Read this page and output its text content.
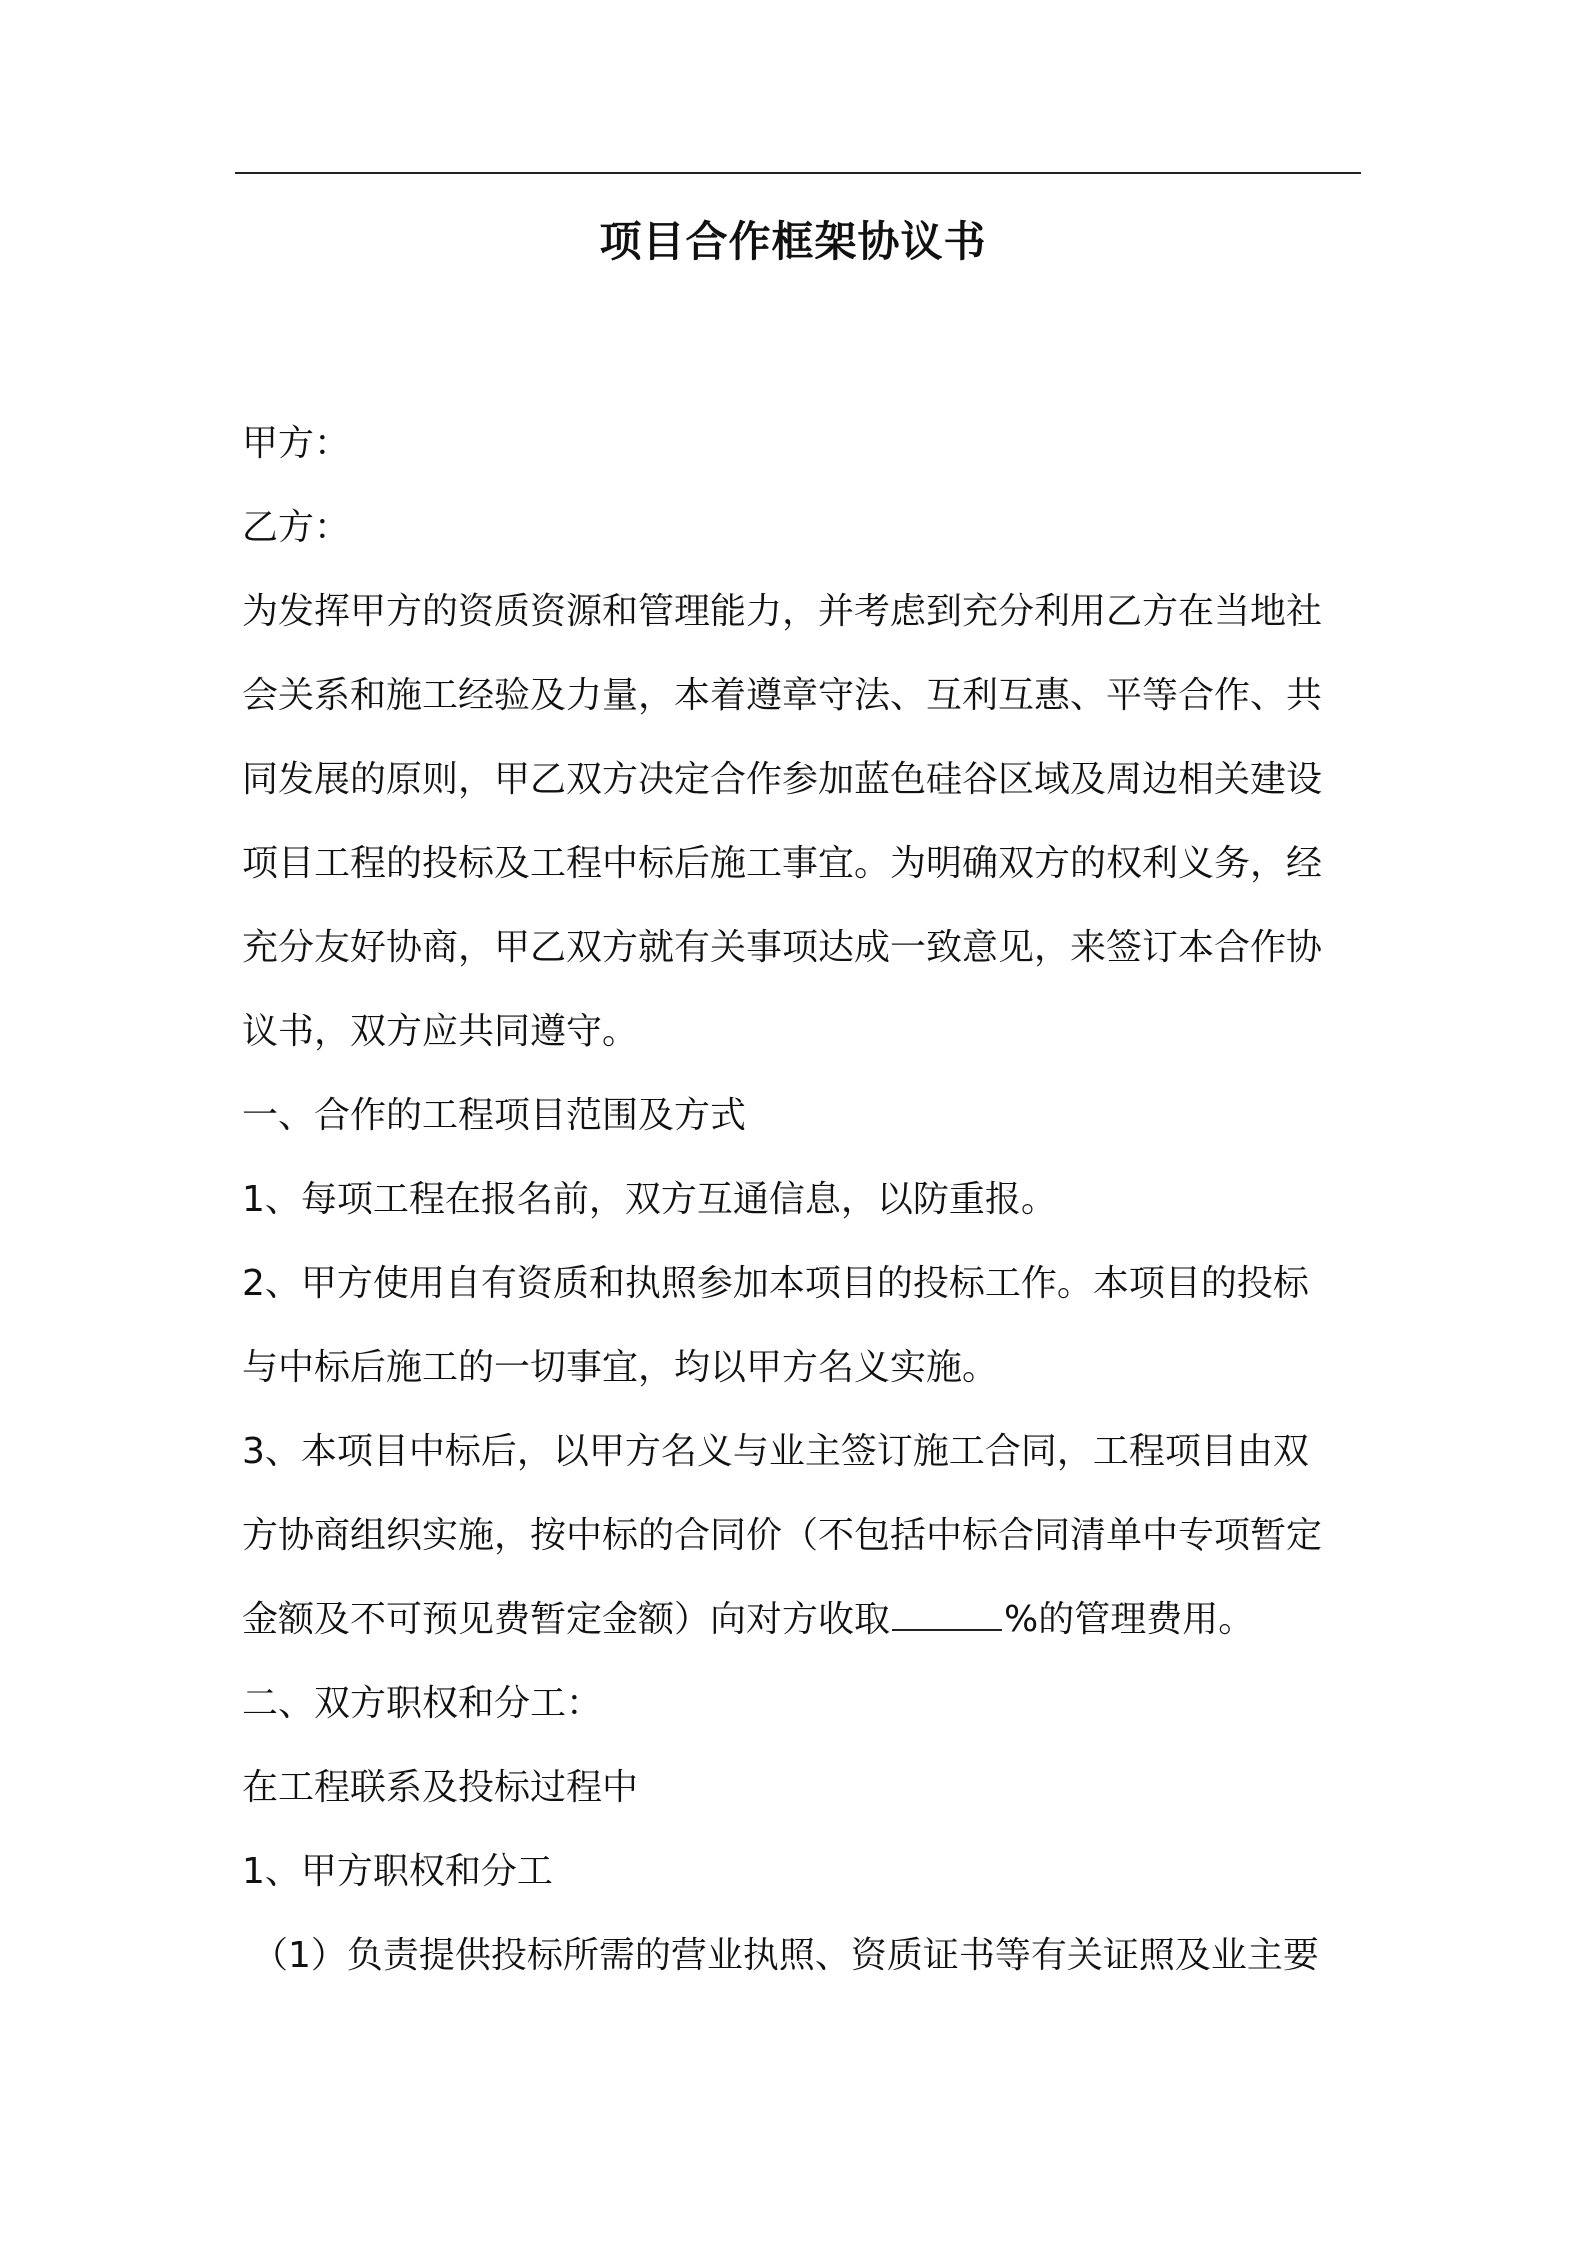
项目合作框架协议书
甲方：
乙方：
为发挥甲方的资质资源和管理能力，并考虑到充分利用乙方在当地社
会关系和施工经验及力量，本着遵章守法、互利互惠、平等合作、共
同发展的原则，甲乙双方决定合作参加蓝色硅谷区域及周边相关建设
项目工程的投标及工程中标后施工事宜。为明确双方的权利义务，经
充分友好协商，甲乙双方就有关事项达成一致意见，来签订本合作协
议书，双方应共同遵守。
一、合作的工程项目范围及方式
1、每项工程在报名前，双方互通信息，以防重报。
2、甲方使用自有资质和执照参加本项目的投标工作。本项目的投标
与中标后施工的一切事宜，均以甲方名义实施。
3、本项目中标后，以甲方名义与业主签订施工合同，工程项目由双
方协商组织实施，按中标的合同价（不包括中标合同清单中专项暂定
金额及不可预见费暂定金额）向对方收取	%的管理费用。
二、双方职权和分工：
在工程联系及投标过程中
1、甲方职权和分工
（1）负责提供投标所需的营业执照、资质证书等有关证照及业主要
